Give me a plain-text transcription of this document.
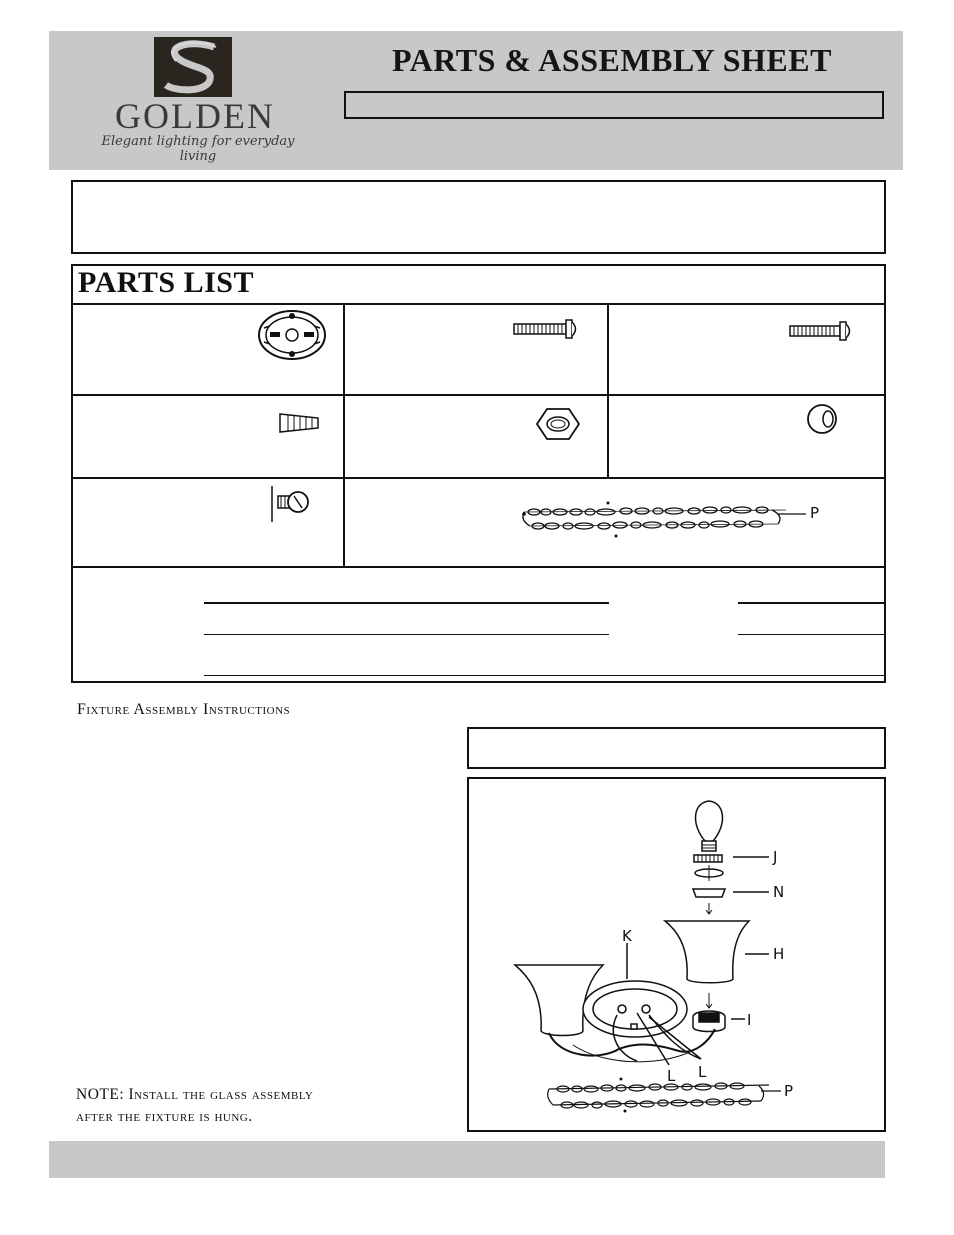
GOLDEN
Elegant lighting for everyday living
PARTS & ASSEMBLY SHEET
PARTS LIST
P
Fixture Assembly Instructions
J
N
K
H
I
L L
P
NOTE: Install the glass assembly
after the fixture is hung.
